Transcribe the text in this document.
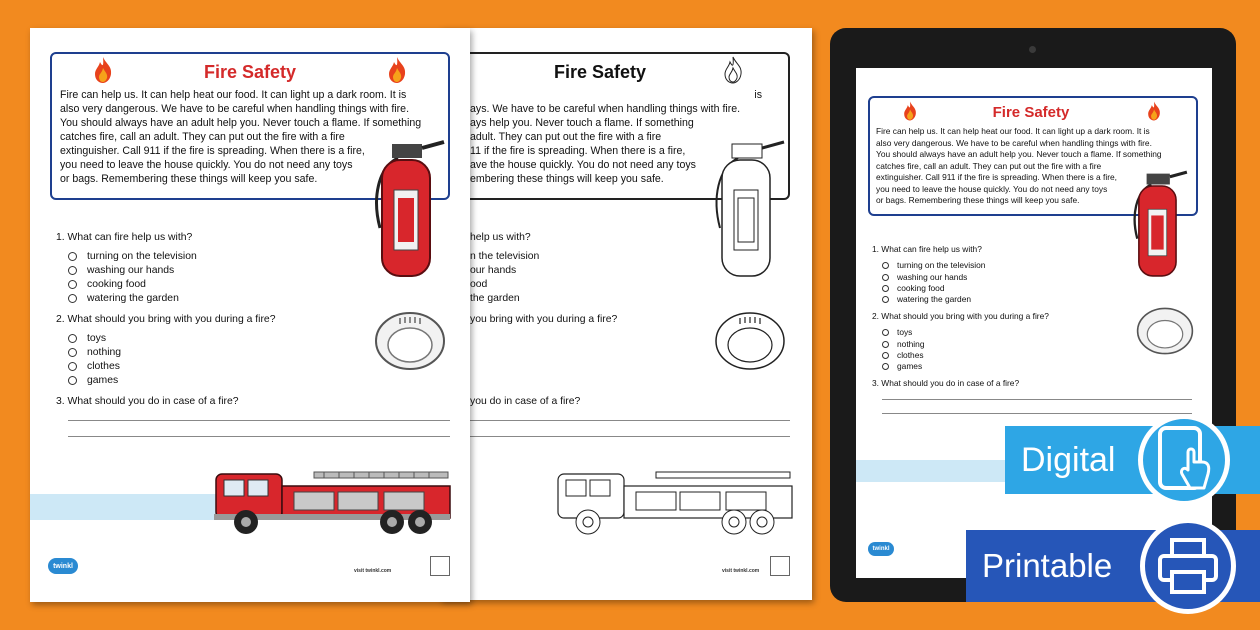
Fire Safety
Fire can help us. It can help heat our food. It can light up a dark room. It is
also very dangerous. We have to be careful when handling things with fire.
You should always have an adult help you. Never touch a flame. If something
catches fire, call an adult. They can put out the fire with a fire
extinguisher. Call 911 if the fire is spreading. When there is a fire,
you need to leave the house quickly. You do not need any toys
or bags. Remembering these things will keep you safe.
1. What can fire help us with?
turning on the television
washing our hands
cooking food
watering the garden
2. What should you bring with you during a fire?
toys
nothing
clothes
games
3. What should you do in case of a fire?
twinkl
visit twinkl.com
Fire Safety
is
ays. We have to be careful when handling things with fire.
ays help you. Never touch a flame. If something
adult. They can put out the fire with a fire
11 if the fire is spreading. When there is a fire,
ave the house quickly. You do not need any toys
embering these things will keep you safe.
help us with?
n the television
our hands
ood
the garden
you bring with you during a fire?
you do in case of a fire?
visit twinkl.com
Fire Safety
Fire can help us. It can help heat our food. It can light up a dark room. It is
also very dangerous. We have to be careful when handling things with fire.
You should always have an adult help you. Never touch a flame. If something
catches fire, call an adult. They can put out the fire with a fire
extinguisher. Call 911 if the fire is spreading. When there is a fire,
you need to leave the house quickly. You do not need any toys
or bags. Remembering these things will keep you safe.
1. What can fire help us with?
turning on the television
washing our hands
cooking food
watering the garden
2. What should you bring with you during a fire?
toys
nothing
clothes
games
3. What should you do in case of a fire?
twinkl
Digital
Printable
